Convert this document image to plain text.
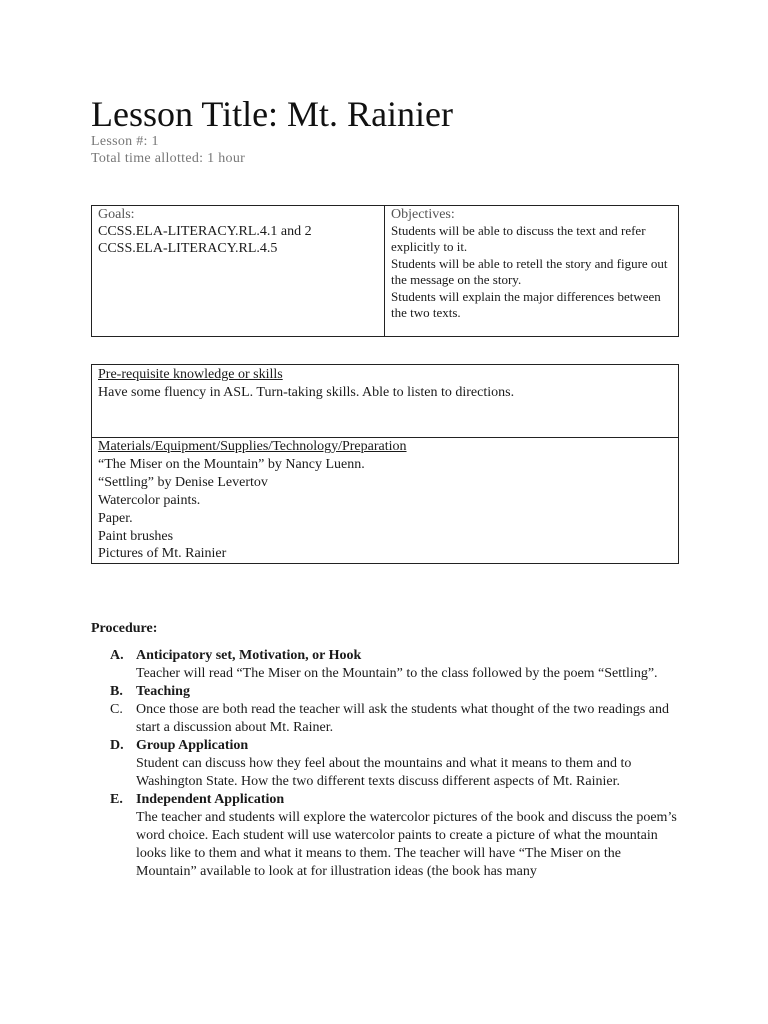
Lesson Title: Mt. Rainier
Lesson #: 1
Total time allotted: 1 hour
Goals:
CCSS.ELA-LITERACY.RL.4.1 and 2
CCSS.ELA-LITERACY.RL.4.5
Objectives:
Students will be able to discuss the text and refer explicitly to it.
Students will be able to retell the story and figure out the message on the story.
Students will explain the major differences between the two texts.
Pre-requisite knowledge or skills
Have some fluency in ASL. Turn-taking skills. Able to listen to directions.
Materials/Equipment/Supplies/Technology/Preparation
“The Miser on the Mountain” by Nancy Luenn.
“Settling” by Denise Levertov
Watercolor paints.
Paper.
Paint brushes
Pictures of Mt. Rainier
Procedure:
A. Anticipatory set, Motivation, or Hook
Teacher will read “The Miser on the Mountain” to the class followed by the poem “Settling”.
B. Teaching
C. Once those are both read the teacher will ask the students what thought of the two readings and start a discussion about Mt. Rainer.
D. Group Application
Student can discuss how they feel about the mountains and what it means to them and to Washington State. How the two different texts discuss different aspects of Mt. Rainier.
E. Independent Application
The teacher and students will explore the watercolor pictures of the book and discuss the poem’s word choice. Each student will use watercolor paints to create a picture of what the mountain looks like to them and what it means to them. The teacher will have “The Miser on the Mountain” available to look at for illustration ideas (the book has many
